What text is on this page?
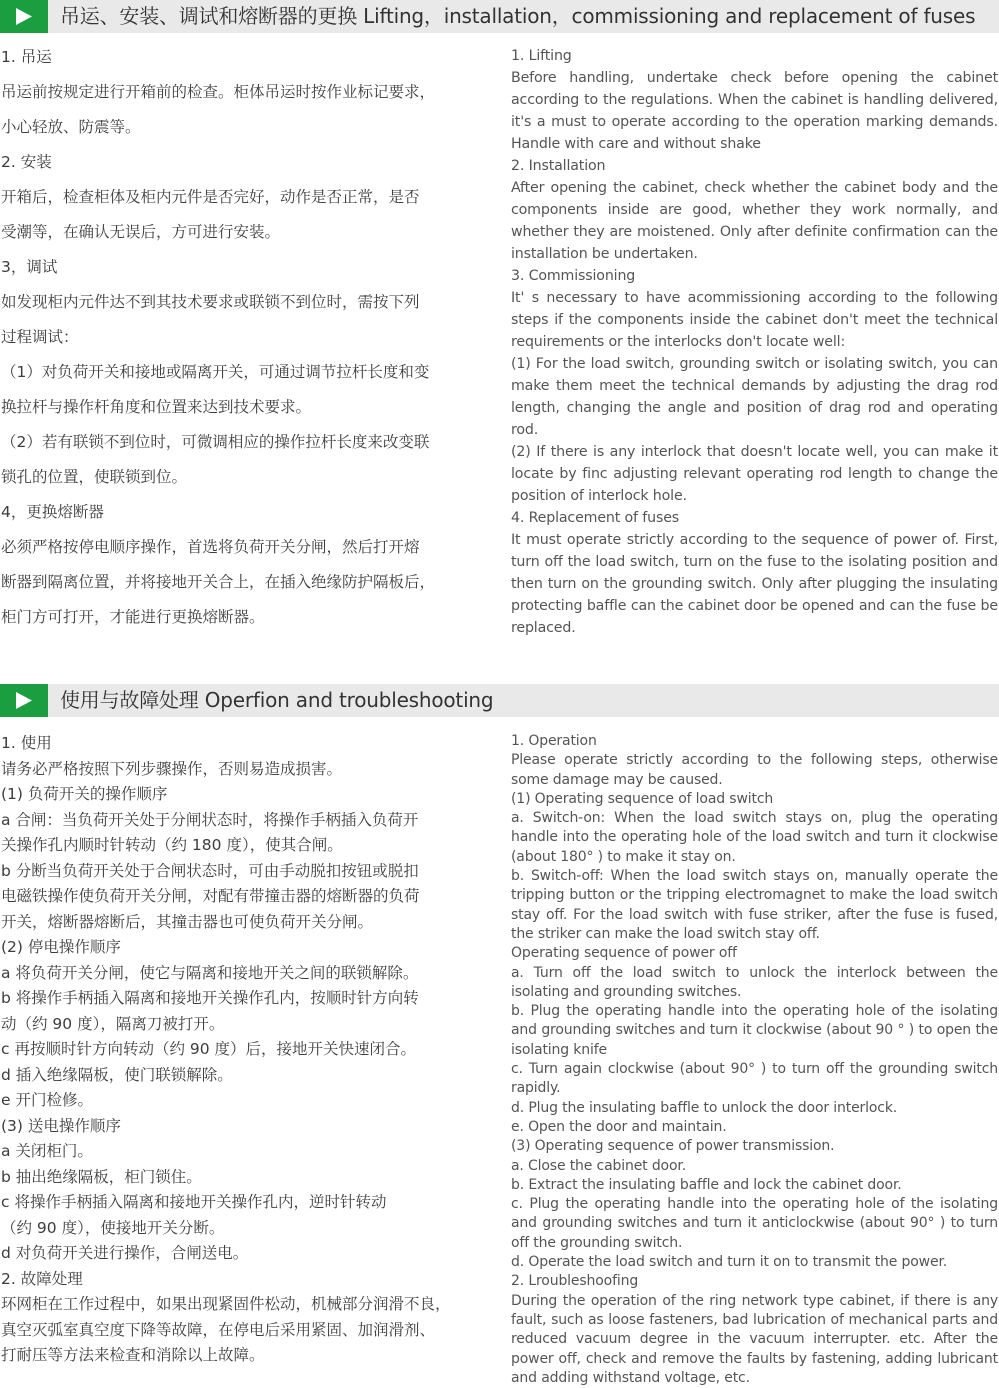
吊运、安装、调试和熔断器的更换 Lifting，installation，commissioning and replacement of fuses
1. 吊运
吊运前按规定进行开箱前的检查。柜体吊运时按作业标记要求，
小心轻放、防震等。
2. 安装
开箱后，检查柜体及柜内元件是否完好，动作是否正常，是否
受潮等，在确认无误后，方可进行安装。
3，调试
如发现柜内元件达不到其技术要求或联锁不到位时，需按下列
过程调试：
（1）对负荷开关和接地或隔离开关，可通过调节拉杆长度和变
换拉杆与操作杆角度和位置来达到技术要求。
（2）若有联锁不到位时，可微调相应的操作拉杆长度来改变联
锁孔的位置，使联锁到位。
4，更换熔断器
必须严格按停电顺序操作，首选将负荷开关分闸，然后打开熔
断器到隔离位置，并将接地开关合上，在插入绝缘防护隔板后，
柜门方可打开，才能进行更换熔断器。

1. Lifting

Before handling, undertake check before opening the cabinet according to the regulations. When the cabinet is handling delivered, it's a must to operate according to the operation marking demands. Handle with care and without shake

2. Installation

After opening the cabinet, check whether the cabinet body and the components inside are good, whether they work normally, and whether they are moistened. Only after definite confirmation can the installation be undertaken.

3. Commissioning

It' s necessary to have acommissioning according to the following steps if the components inside the cabinet don't meet the technical requirements or the interlocks don't locate well:

(1) For the load switch, grounding switch or isolating switch, you can make them meet the technical demands by adjusting the drag rod length, changing the angle and position of drag rod and operating rod.

(2) If there is any interlock that doesn't locate well, you can make it locate by finc adjusting relevant operating rod length to change the position of interlock hole.

4. Replacement of fuses

It must operate strictly according to the sequence of power of. First, turn off the load switch, turn on the fuse to the isolating position and then turn on the grounding switch. Only after plugging the insulating protecting baffle can the cabinet door be opened and can the fuse be replaced.

使用与故障处理 Operfion and troubleshooting
1. 使用
请务必严格按照下列步骤操作，否则易造成损害。
(1) 负荷开关的操作顺序
a 合闸：当负荷开关处于分闸状态时，将操作手柄插入负荷开
关操作孔内顺时针转动（约 180 度），使其合闸。
b 分断当负荷开关处于合闸状态时，可由手动脱扣按钮或脱扣
电磁铁操作使负荷开关分闸，对配有带撞击器的熔断器的负荷
开关，熔断器熔断后，其撞击器也可使负荷开关分闸。
(2) 停电操作顺序
a 将负荷开关分闸，使它与隔离和接地开关之间的联锁解除。
b 将操作手柄插入隔离和接地开关操作孔内，按顺时针方向转
动（约 90 度），隔离刀被打开。
c 再按顺时针方向转动（约 90 度）后，接地开关快速闭合。
d 插入绝缘隔板，使门联锁解除。
e 开门检修。
(3) 送电操作顺序
a 关闭柜门。
b 抽出绝缘隔板，柜门锁住。
c 将操作手柄插入隔离和接地开关操作孔内，逆时针转动
（约 90 度），使接地开关分断。
d 对负荷开关进行操作，合闸送电。
2. 故障处理
环网柜在工作过程中，如果出现紧固件松动，机械部分润滑不良，
真空灭弧室真空度下降等故障，在停电后采用紧固、加润滑剂、
打耐压等方法来检查和消除以上故障。

1. Operation

Please operate strictly according to the following steps, otherwise some damage may be caused.

(1) Operating sequence of load switch

a. Switch-on: When the load switch stays on, plug the operating handle into the operating hole of the load switch and turn it clockwise (about 180° ) to make it stay on.

b. Switch-off: When the load switch stays on, manually operate the tripping button or the tripping electromagnet to make the load switch stay off. For the load switch with fuse striker, after the fuse is fused, the striker can make the load switch stay off.

Operating sequence of power off

a. Turn off the load switch to unlock the interlock between the isolating and grounding switches.

b. Plug the operating handle into the operating hole of the isolating and grounding switches and turn it clockwise (about 90 ° ) to open the isolating knife

c. Turn again clockwise (about 90° ) to turn off the grounding switch rapidly.

d. Plug the insulating baffle to unlock the door interlock.

e. Open the door and maintain.

(3) Operating sequence of power transmission.

a. Close the cabinet door.

b. Extract the insulating baffle and lock the cabinet door.

c. Plug the operating handle into the operating hole of the isolating and grounding switches and turn it anticlockwise (about 90° ) to turn off the grounding switch.

d. Operate the load switch and turn it on to transmit the power.

2. Lroubleshoofing

During the operation of the ring network type cabinet, if there is any fault, such as loose fasteners, bad lubrication of mechanical parts and reduced vacuum degree in the vacuum interrupter. etc. After the power off, check and remove the faults by fastening, adding lubricant and adding withstand voltage, etc.
